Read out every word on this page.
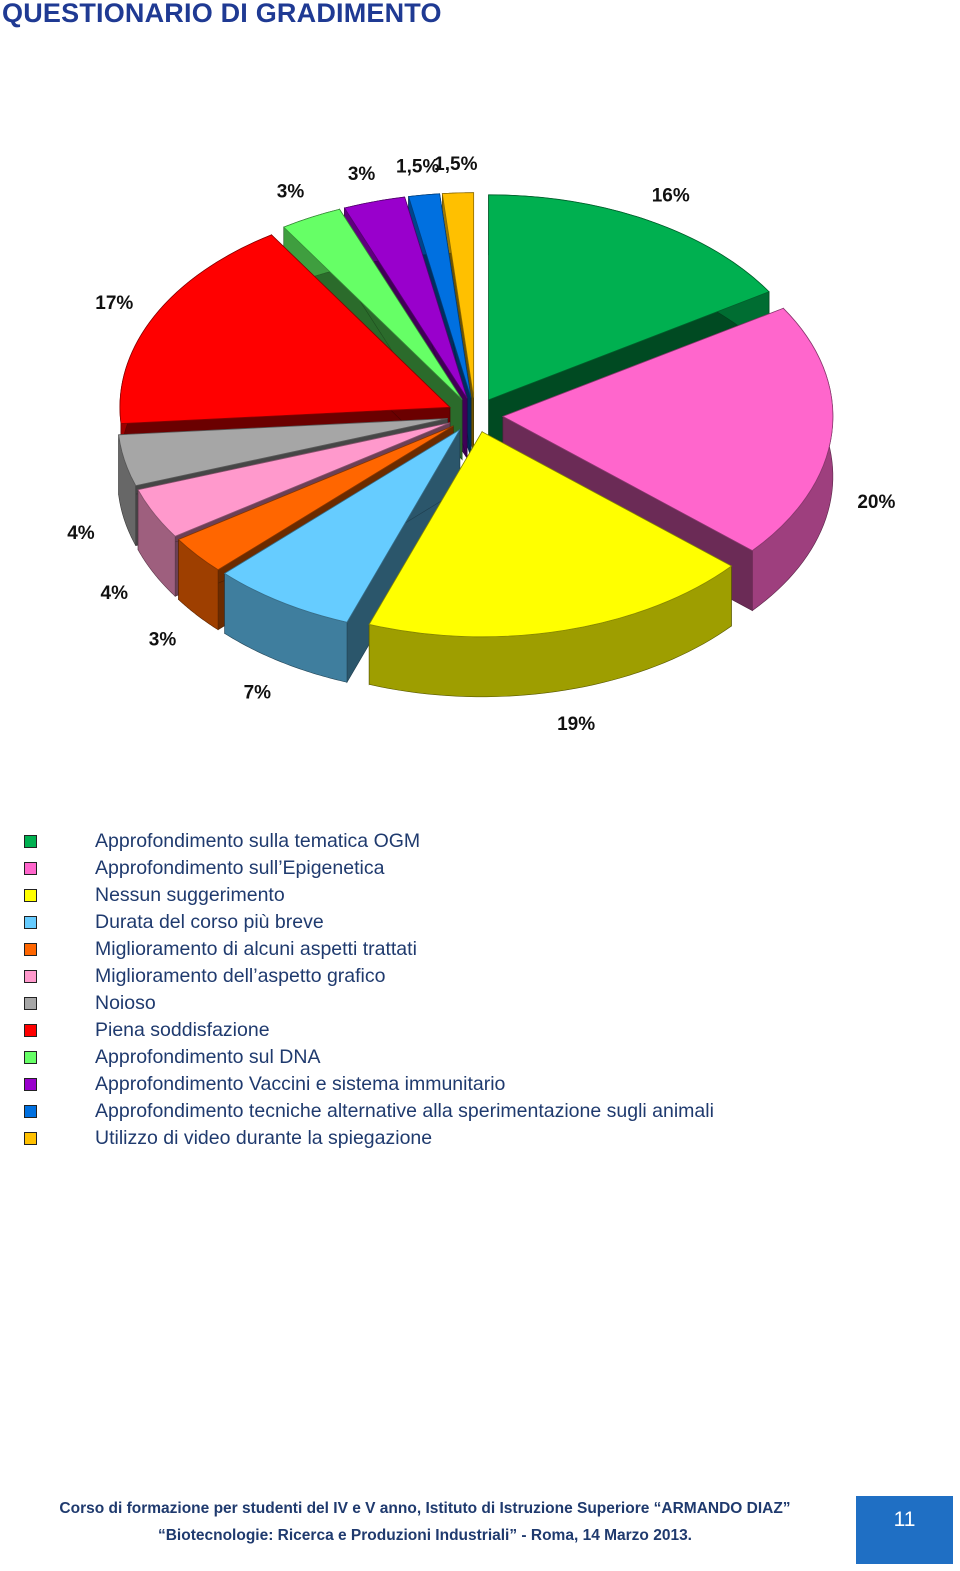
QUESTIONARIO DI GRADIMENTO
16%
20%
19%
7%
3%
4%
4%
17%
3%
3% 1,5%
1,5%
Approfondimento sulla tematica OGM
Approfondimento sull’Epigenetica
Nessun suggerimento
Durata del corso più breve
Miglioramento di alcuni aspetti trattati
Miglioramento dell’aspetto grafico
Noioso
Piena soddisfazione
Approfondimento sul DNA
Approfondimento Vaccini e sistema immunitario
Approfondimento tecniche alternative alla sperimentazione sugli animali
Utilizzo di video durante la spiegazione
Corso di formazione per studenti del IV e V anno, Istituto di Istruzione Superiore “ARMANDO DIAZ”
“Biotecnologie: Ricerca e Produzioni Industriali” - Roma, 14 Marzo 2013.
11
